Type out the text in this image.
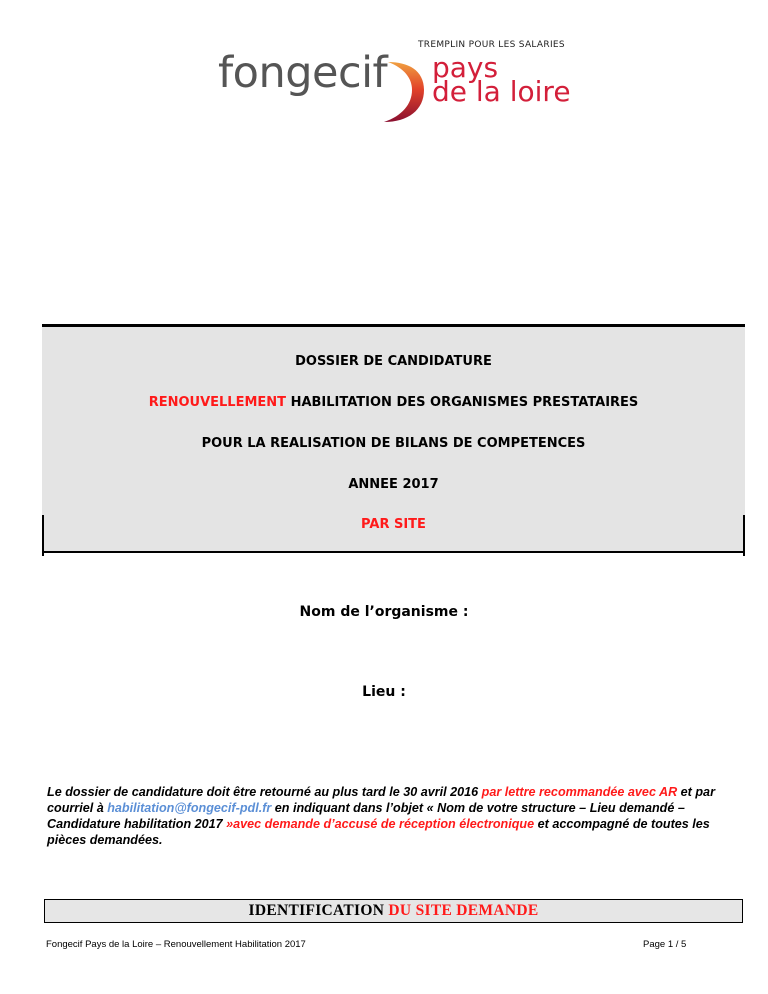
TREMPLIN POUR LES SALARIES
fongecif pays
de la loire
DOSSIER DE CANDIDATURE
RENOUVELLEMENT HABILITATION DES ORGANISMES PRESTATAIRES
POUR LA REALISATION DE BILANS DE COMPETENCES
ANNEE 2017
PAR SITE
Nom de l’organisme :
Lieu :
Le dossier de candidature doit être retourné au plus tard le 30 avril 2016 par lettre recommandée avec AR et par courriel à habilitation@fongecif-pdl.fr en indiquant dans l’objet « Nom de votre structure – Lieu demandé – Candidature habilitation 2017 »avec demande d’accusé de réception électronique et accompagné de toutes les pièces demandées.
IDENTIFICATION DU SITE DEMANDE
Fongecif Pays de la Loire – Renouvellement Habilitation 2017	Page 1 / 5
